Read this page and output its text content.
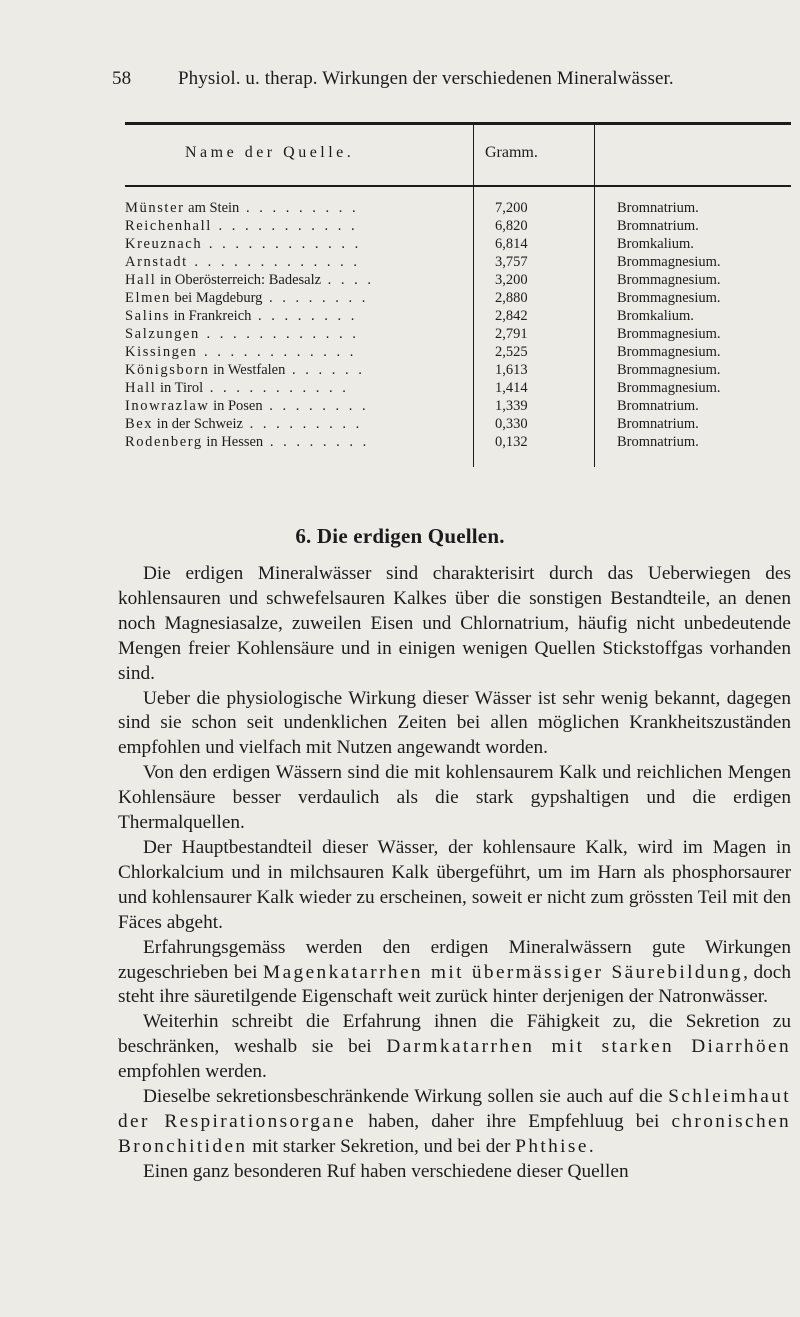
58 Physiol. u. therap. Wirkungen der verschiedenen Mineralwässer.
Name der Quelle.	Gramm.
Münster am Stein . . . . . . . . .	7,200	Bromnatrium.
Reichenhall . . . . . . . . . . .	6,820	Bromnatrium.
Kreuznach . . . . . . . . . . . .	6,814	Bromkalium.
Arnstadt . . . . . . . . . . . . .	3,757	Brommagnesium.
Hall in Oberösterreich: Badesalz . . . .	3,200	Brommagnesium.
Elmen bei Magdeburg . . . . . . . .	2,880	Brommagnesium.
Salins in Frankreich . . . . . . . .	2,842	Bromkalium.
Salzungen . . . . . . . . . . . .	2,791	Brommagnesium.
Kissingen . . . . . . . . . . . .	2,525	Brommagnesium.
Königsborn in Westfalen . . . . . .	1,613	Brommagnesium.
Hall in Tirol . . . . . . . . . . .	1,414	Brommagnesium.
Inowrazlaw in Posen . . . . . . . .	1,339	Bromnatrium.
Bex in der Schweiz . . . . . . . . .	0,330	Bromnatrium.
Rodenberg in Hessen . . . . . . . .	0,132	Bromnatrium.
6. Die erdigen Quellen.

Die erdigen Mineralwässer sind charakterisirt durch das Ueberwiegen des kohlensauren und schwefelsauren Kalkes über die sonstigen Bestandteile, an denen noch Magnesiasalze, zuweilen Eisen und Chlornatrium, häufig nicht unbedeutende Mengen freier Kohlensäure und in einigen wenigen Quellen Stickstoffgas vorhanden sind.

Ueber die physiologische Wirkung dieser Wässer ist sehr wenig bekannt, dagegen sind sie schon seit undenklichen Zeiten bei allen möglichen Krankheitszuständen empfohlen und vielfach mit Nutzen angewandt worden.

Von den erdigen Wässern sind die mit kohlensaurem Kalk und reichlichen Mengen Kohlensäure besser verdaulich als die stark gypshaltigen und die erdigen Thermalquellen.

Der Hauptbestandteil dieser Wässer, der kohlensaure Kalk, wird im Magen in Chlorkalcium und in milchsauren Kalk übergeführt, um im Harn als phosphorsaurer und kohlensaurer Kalk wieder zu erscheinen, soweit er nicht zum grössten Teil mit den Fäces abgeht.

Erfahrungsgemäss werden den erdigen Mineralwässern gute Wirkungen zugeschrieben bei Magenkatarrhen mit übermässiger Säurebildung, doch steht ihre säuretilgende Eigenschaft weit zurück hinter derjenigen der Natronwässer.

Weiterhin schreibt die Erfahrung ihnen die Fähigkeit zu, die Sekretion zu beschränken, weshalb sie bei Darmkatarrhen mit starken Diarrhöen empfohlen werden.

Dieselbe sekretionsbeschränkende Wirkung sollen sie auch auf die Schleimhaut der Respirationsorgane haben, daher ihre Empfehluug bei chronischen Bronchitiden mit starker Sekretion, und bei der Phthise.

Einen ganz besonderen Ruf haben verschiedene dieser Quellen
